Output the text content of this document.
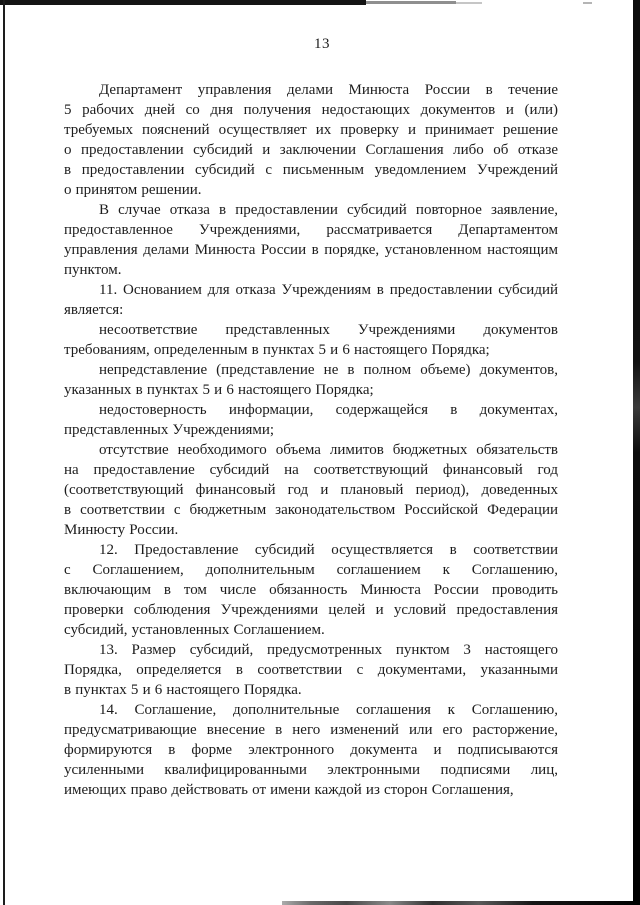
13
Департамент управления делами Минюста России в течение
5 рабочих дней со дня получения недостающих документов и (или)
требуемых пояснений осуществляет их проверку и принимает решение
о предоставлении субсидий и заключении Соглашения либо об отказе
в предоставлении субсидий с письменным уведомлением Учреждений
о принятом решении.
В случае отказа в предоставлении субсидий повторное заявление,
предоставленное Учреждениями, рассматривается Департаментом
управления делами Минюста России в порядке, установленном настоящим
пунктом.
11. Основанием для отказа Учреждениям в предоставлении субсидий
является:
несоответствие представленных Учреждениями документов
требованиям, определенным в пунктах 5 и 6 настоящего Порядка;
непредставление (представление не в полном объеме) документов,
указанных в пунктах 5 и 6 настоящего Порядка;
недостоверность информации, содержащейся в документах,
представленных Учреждениями;
отсутствие необходимого объема лимитов бюджетных обязательств
на предоставление субсидий на соответствующий финансовый год
(соответствующий финансовый год и плановый период), доведенных
в соответствии с бюджетным законодательством Российской Федерации
Минюсту России.
12. Предоставление субсидий осуществляется в соответствии
с Соглашением, дополнительным соглашением к Соглашению,
включающим в том числе обязанность Минюста России проводить
проверки соблюдения Учреждениями целей и условий предоставления
субсидий, установленных Соглашением.
13. Размер субсидий, предусмотренных пунктом 3 настоящего
Порядка, определяется в соответствии с документами, указанными
в пунктах 5 и 6 настоящего Порядка.
14. Соглашение, дополнительные соглашения к Соглашению,
предусматривающие внесение в него изменений или его расторжение,
формируются в форме электронного документа и подписываются
усиленными квалифицированными электронными подписями лиц,
имеющих право действовать от имени каждой из сторон Соглашения,
